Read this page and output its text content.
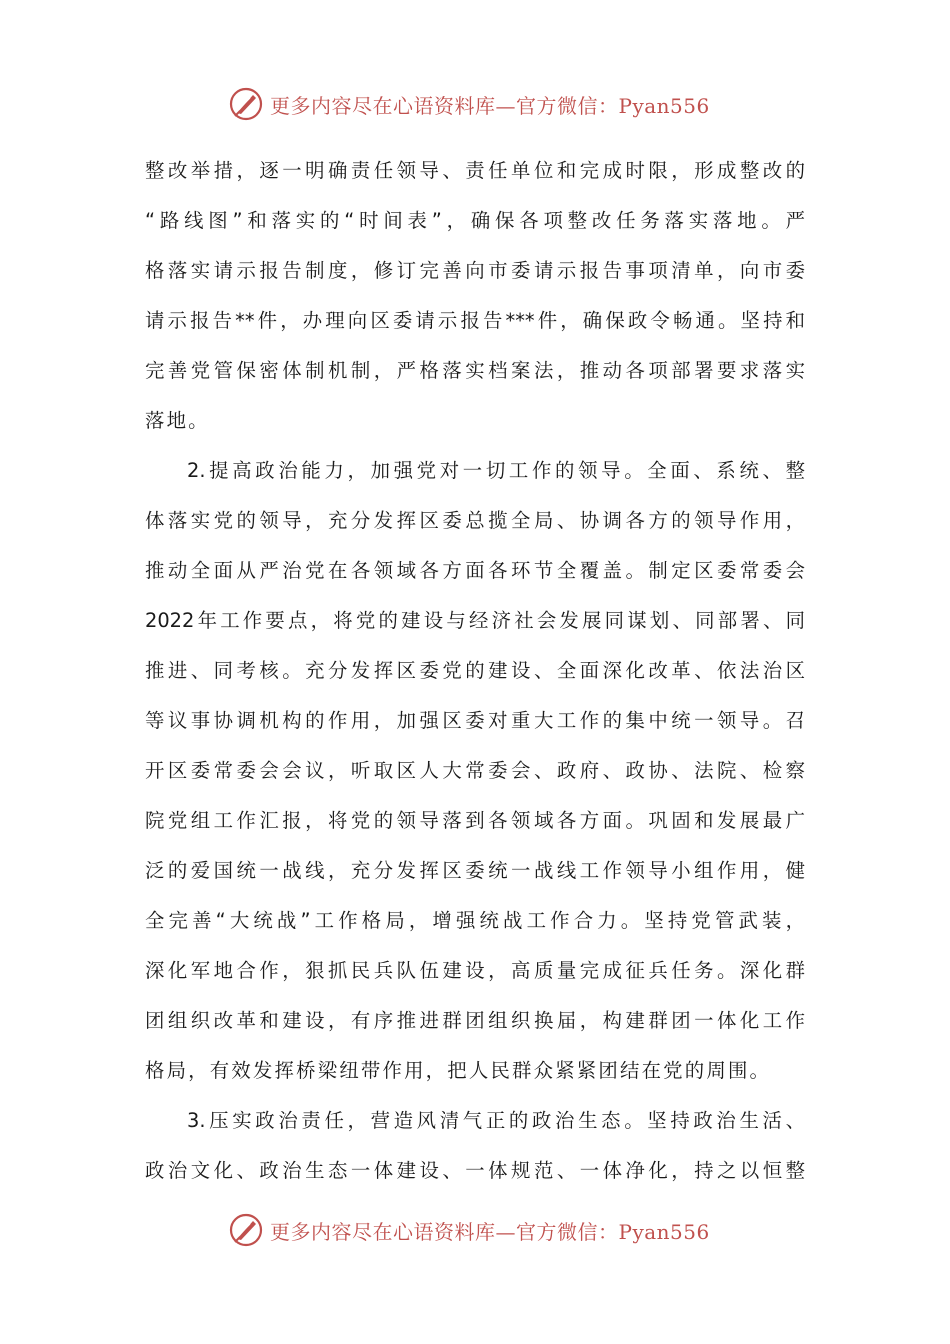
更多内容尽在心语资料库—官方微信：Pyan556
整改举措，逐一明确责任领导、责任单位和完成时限，形成整改的
“路线图”和落实的“时间表”，确保各项整改任务落实落地。严
格落实请示报告制度，修订完善向市委请示报告事项清单，向市委
请示报告**件，办理向区委请示报告***件，确保政令畅通。坚持和
完善党管保密体制机制，严格落实档案法，推动各项部署要求落实
落地。
2.提高政治能力，加强党对一切工作的领导。全面、系统、整
体落实党的领导，充分发挥区委总揽全局、协调各方的领导作用，
推动全面从严治党在各领域各方面各环节全覆盖。制定区委常委会
2022年工作要点，将党的建设与经济社会发展同谋划、同部署、同
推进、同考核。充分发挥区委党的建设、全面深化改革、依法治区
等议事协调机构的作用，加强区委对重大工作的集中统一领导。召
开区委常委会会议，听取区人大常委会、政府、政协、法院、检察
院党组工作汇报，将党的领导落到各领域各方面。巩固和发展最广
泛的爱国统一战线，充分发挥区委统一战线工作领导小组作用，健
全完善“大统战”工作格局，增强统战工作合力。坚持党管武装，
深化军地合作，狠抓民兵队伍建设，高质量完成征兵任务。深化群
团组织改革和建设，有序推进群团组织换届，构建群团一体化工作
格局，有效发挥桥梁纽带作用，把人民群众紧紧团结在党的周围。
3.压实政治责任，营造风清气正的政治生态。坚持政治生活、
政治文化、政治生态一体建设、一体规范、一体净化，持之以恒整
更多内容尽在心语资料库—官方微信：Pyan556
